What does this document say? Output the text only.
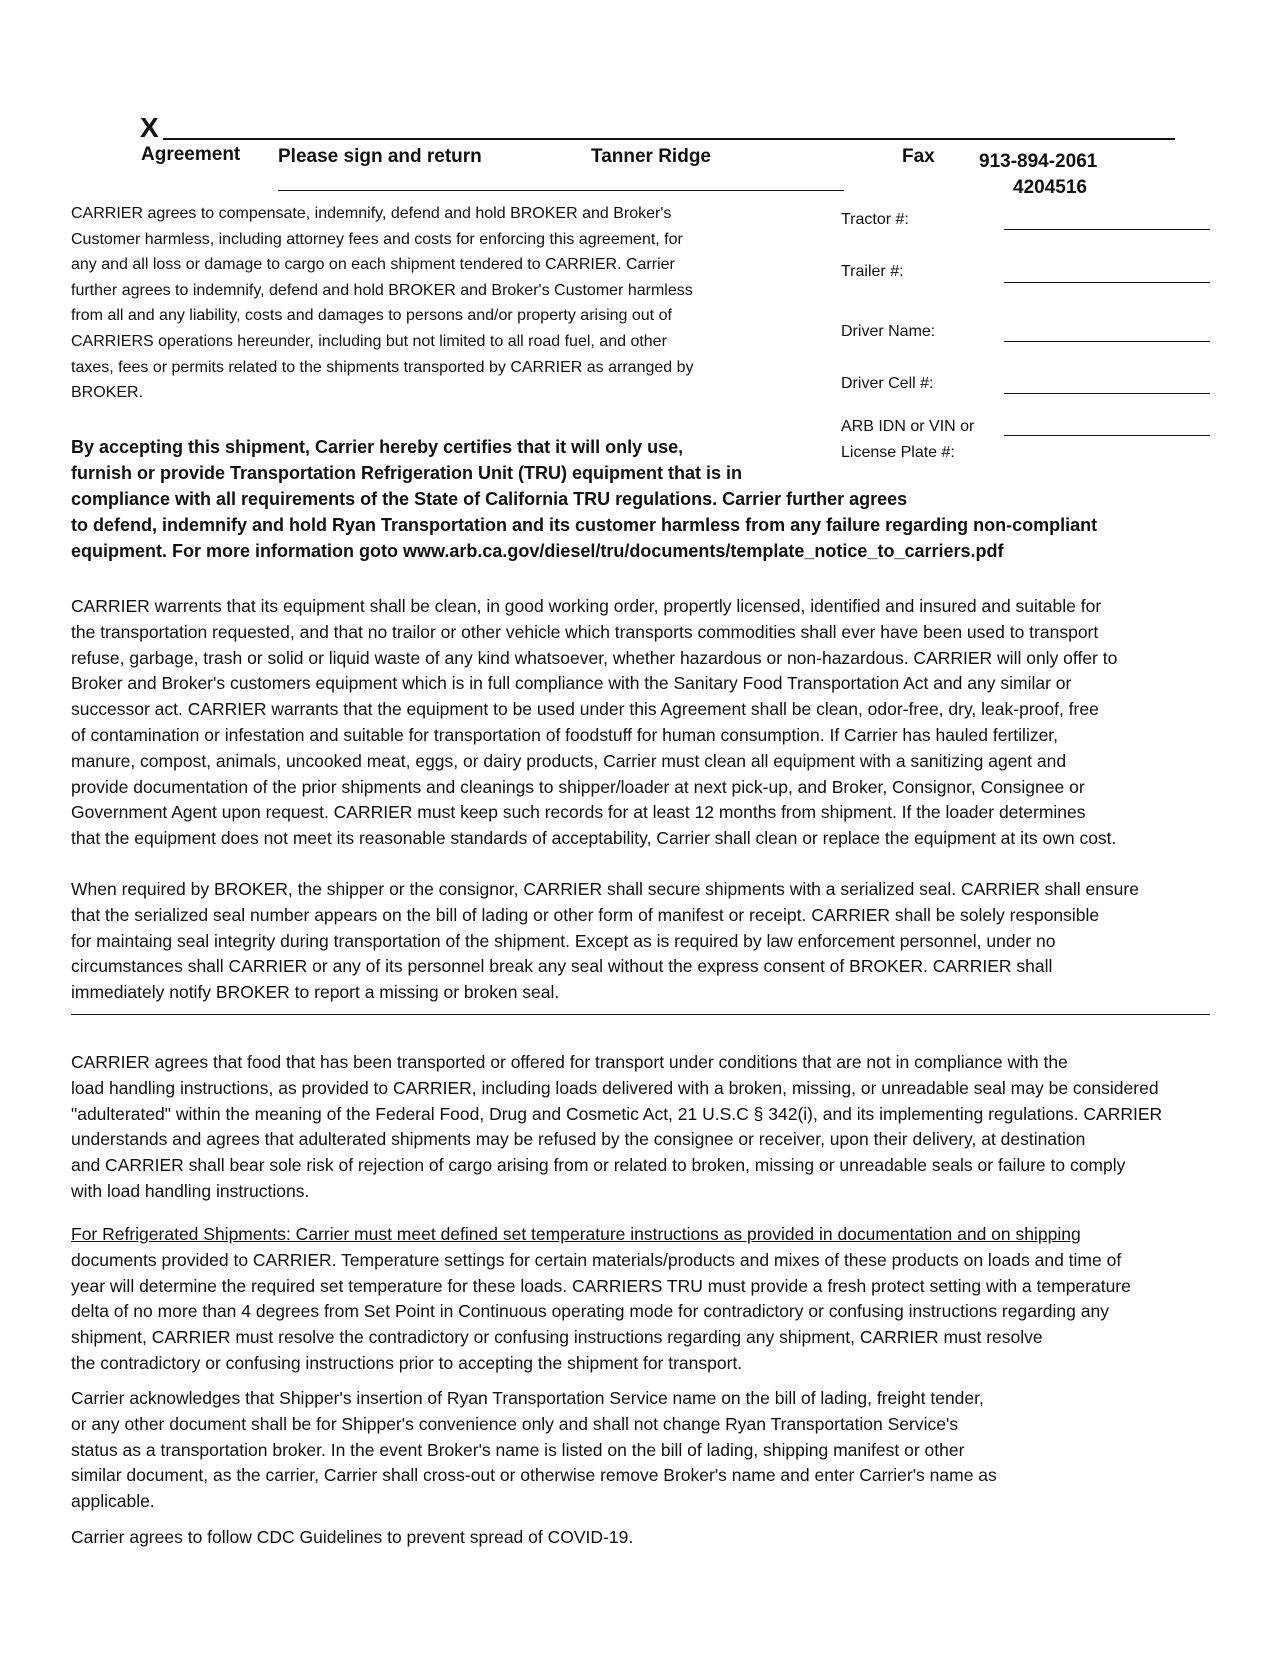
X
Agreement Please sign and return	Tanner Ridge	Fax 913-894-2061
4204516
CARRIER agrees to compensate, indemnify, defend and hold BROKER and Broker's
Customer harmless, including attorney fees and costs for enforcing this agreement, for
any and all loss or damage to cargo on each shipment tendered to CARRIER. Carrier
further agrees to indemnify, defend and hold BROKER and Broker's Customer harmless
from all and any liability, costs and damages to persons and/or property arising out of
CARRIERS operations hereunder, including but not limited to all road fuel, and other
taxes, fees or permits related to the shipments transported by CARRIER as arranged by
BROKER.
Tractor #:
Trailer #:
Driver Name:
Driver Cell #:
ARB IDN or VIN or
License Plate #:
By accepting this shipment, Carrier hereby certifies that it will only use,
furnish or provide Transportation Refrigeration Unit (TRU) equipment that is in
compliance with all requirements of the State of California TRU regulations. Carrier further agrees
to defend, indemnify and hold Ryan Transportation and its customer harmless from any failure regarding non-compliant
equipment. For more information goto www.arb.ca.gov/diesel/tru/documents/template_notice_to_carriers.pdf
CARRIER warrents that its equipment shall be clean, in good working order, propertly licensed, identified and insured and suitable for
the transportation requested, and that no trailor or other vehicle which transports commodities shall ever have been used to transport
refuse, garbage, trash or solid or liquid waste of any kind whatsoever, whether hazardous or non-hazardous. CARRIER will only offer to
Broker and Broker's customers equipment which is in full compliance with the Sanitary Food Transportation Act and any similar or
successor act. CARRIER warrants that the equipment to be used under this Agreement shall be clean, odor-free, dry, leak-proof, free
of contamination or infestation and suitable for transportation of foodstuff for human consumption. If Carrier has hauled fertilizer,
manure, compost, animals, uncooked meat, eggs, or dairy products, Carrier must clean all equipment with a sanitizing agent and
provide documentation of the prior shipments and cleanings to shipper/loader at next pick-up, and Broker, Consignor, Consignee or
Government Agent upon request. CARRIER must keep such records for at least 12 months from shipment. If the loader determines
that the equipment does not meet its reasonable standards of acceptability, Carrier shall clean or replace the equipment at its own cost.
When required by BROKER, the shipper or the consignor, CARRIER shall secure shipments with a serialized seal. CARRIER shall ensure
that the serialized seal number appears on the bill of lading or other form of manifest or receipt. CARRIER shall be solely responsible
for maintaing seal integrity during transportation of the shipment. Except as is required by law enforcement personnel, under no
circumstances shall CARRIER or any of its personnel break any seal without the express consent of BROKER. CARRIER shall
immediately notify BROKER to report a missing or broken seal.
CARRIER agrees that food that has been transported or offered for transport under conditions that are not in compliance with the
load handling instructions, as provided to CARRIER, including loads delivered with a broken, missing, or unreadable seal may be considered
"adulterated" within the meaning of the Federal Food, Drug and Cosmetic Act, 21 U.S.C § 342(i), and its implementing regulations. CARRIER
understands and agrees that adulterated shipments may be refused by the consignee or receiver, upon their delivery, at destination
and CARRIER shall bear sole risk of rejection of cargo arising from or related to broken, missing or unreadable seals or failure to comply
with load handling instructions.
For Refrigerated Shipments: Carrier must meet defined set temperature instructions as provided in documentation and on shipping
documents provided to CARRIER. Temperature settings for certain materials/products and mixes of these products on loads and time of
year will determine the required set temperature for these loads. CARRIERS TRU must provide a fresh protect setting with a temperature
delta of no more than 4 degrees from Set Point in Continuous operating mode for contradictory or confusing instructions regarding any
shipment, CARRIER must resolve the contradictory or confusing instructions regarding any shipment, CARRIER must resolve
the contradictory or confusing instructions prior to accepting the shipment for transport.
Carrier acknowledges that Shipper's insertion of Ryan Transportation Service name on the bill of lading, freight tender,
or any other document shall be for Shipper's convenience only and shall not change Ryan Transportation Service's
status as a transportation broker. In the event Broker's name is listed on the bill of lading, shipping manifest or other
similar document, as the carrier, Carrier shall cross-out or otherwise remove Broker's name and enter Carrier's name as
applicable.
Carrier agrees to follow CDC Guidelines to prevent spread of COVID-19.
